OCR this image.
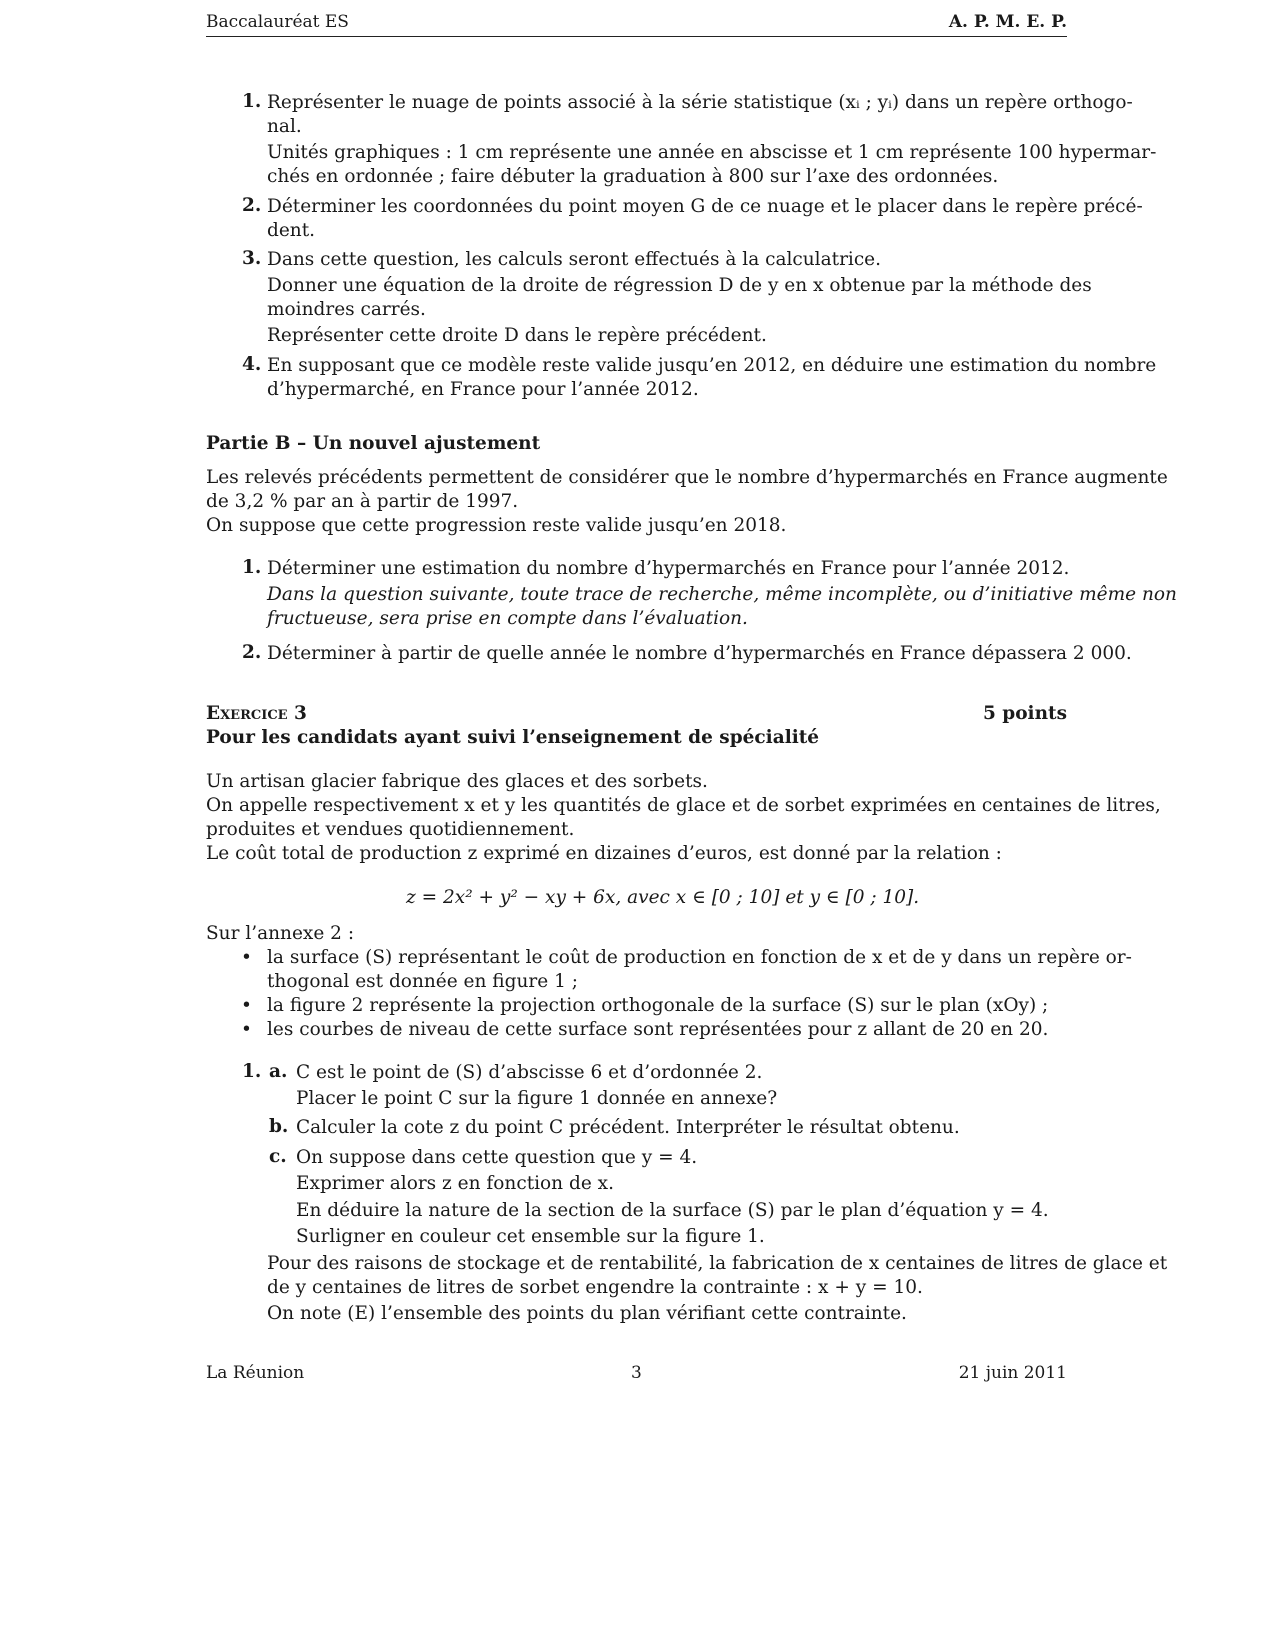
Baccalauréat ES	A. P. M. E. P.
1. Représenter le nuage de points associé à la série statistique (xᵢ ; yᵢ) dans un repère orthogo-
nal.
Unités graphiques : 1 cm représente une année en abscisse et 1 cm représente 100 hypermar-
chés en ordonnée ; faire débuter la graduation à 800 sur l’axe des ordonnées.
2. Déterminer les coordonnées du point moyen G de ce nuage et le placer dans le repère précé-
dent.
3. Dans cette question, les calculs seront effectués à la calculatrice.
Donner une équation de la droite de régression D de y en x obtenue par la méthode des
moindres carrés.
Représenter cette droite D dans le repère précédent.
4. En supposant que ce modèle reste valide jusqu’en 2012, en déduire une estimation du nombre
d’hypermarché, en France pour l’année 2012.
Partie B – Un nouvel ajustement
Les relevés précédents permettent de considérer que le nombre d’hypermarchés en France augmente
de 3,2 % par an à partir de 1997.
On suppose que cette progression reste valide jusqu’en 2018.
1. Déterminer une estimation du nombre d’hypermarchés en France pour l’année 2012.
Dans la question suivante, toute trace de recherche, même incomplète, ou d’initiative même non
fructueuse, sera prise en compte dans l’évaluation.
2. Déterminer à partir de quelle année le nombre d’hypermarchés en France dépassera 2 000.
Exercice 3	5 points
Pour les candidats ayant suivi l’enseignement de spécialité
Un artisan glacier fabrique des glaces et des sorbets.
On appelle respectivement x et y les quantités de glace et de sorbet exprimées en centaines de litres,
produites et vendues quotidiennement.
Le coût total de production z exprimé en dizaines d’euros, est donné par la relation :
z = 2x² + y² − xy + 6x, avec x ∈ [0 ; 10] et y ∈ [0 ; 10].
Sur l’annexe 2 :
• la surface (S) représentant le coût de production en fonction de x et de y dans un repère or-
thogonal est donnée en figure 1 ;
• la figure 2 représente la projection orthogonale de la surface (S) sur le plan (xOy) ;
• les courbes de niveau de cette surface sont représentées pour z allant de 20 en 20.
1. a. C est le point de (S) d’abscisse 6 et d’ordonnée 2.
Placer le point C sur la figure 1 donnée en annexe?
b. Calculer la cote z du point C précédent. Interpréter le résultat obtenu.
c. On suppose dans cette question que y = 4.
Exprimer alors z en fonction de x.
En déduire la nature de la section de la surface (S) par le plan d’équation y = 4.
Surligner en couleur cet ensemble sur la figure 1.
Pour des raisons de stockage et de rentabilité, la fabrication de x centaines de litres de glace et
de y centaines de litres de sorbet engendre la contrainte : x + y = 10.
On note (E) l’ensemble des points du plan vérifiant cette contrainte.
La Réunion	3	21 juin 2011
